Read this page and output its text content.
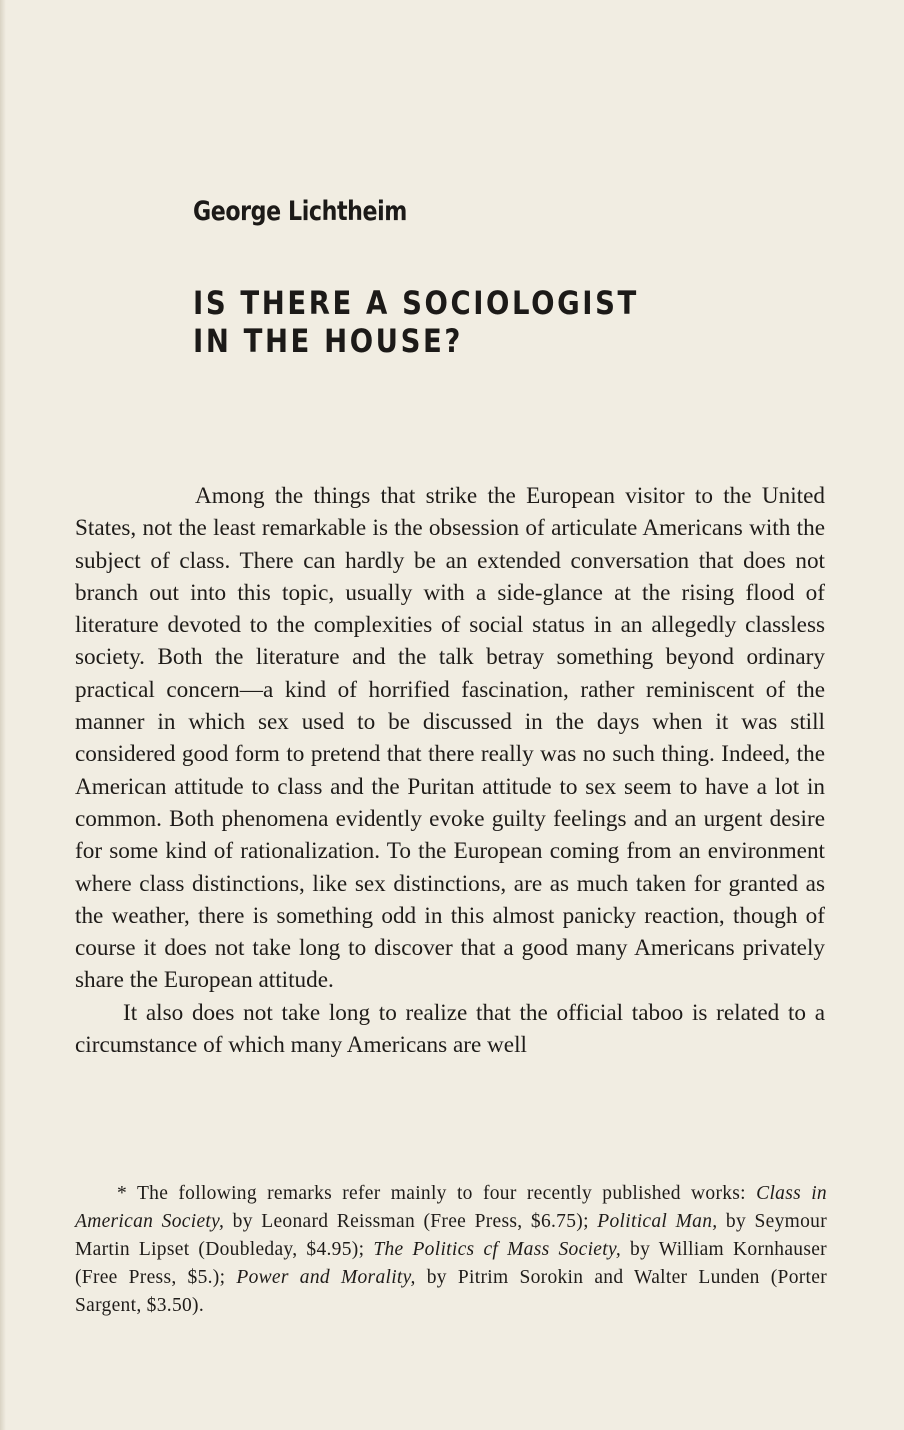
George Lichtheim
IS THERE A SOCIOLOGIST
IN THE HOUSE?

Among the things that strike the European visitor to the United States, not the least remarkable is the obsession of articulate Americans with the subject of class. There can hardly be an extended conversation that does not branch out into this topic, usually with a side-glance at the rising flood of literature devoted to the complexities of social status in an allegedly classless society. Both the literature and the talk betray something beyond ordinary practical concern—a kind of horrified fascination, rather reminiscent of the manner in which sex used to be discussed in the days when it was still considered good form to pretend that there really was no such thing. Indeed, the American attitude to class and the Puritan attitude to sex seem to have a lot in common. Both phenomena evidently evoke guilty feelings and an urgent desire for some kind of rationalization. To the European coming from an environment where class distinctions, like sex distinctions, are as much taken for granted as the weather, there is something odd in this almost panicky reaction, though of course it does not take long to discover that a good many Americans privately share the European attitude.

It also does not take long to realize that the official taboo is related to a circumstance of which many Americans are well

* The following remarks refer mainly to four recently published works: Class in American Society, by Leonard Reissman (Free Press, $6.75); Political Man, by Seymour Martin Lipset (Doubleday, $4.95); The Politics cf Mass Society, by William Kornhauser (Free Press, $5.); Power and Morality, by Pitrim Sorokin and Walter Lunden (Porter Sargent, $3.50).
